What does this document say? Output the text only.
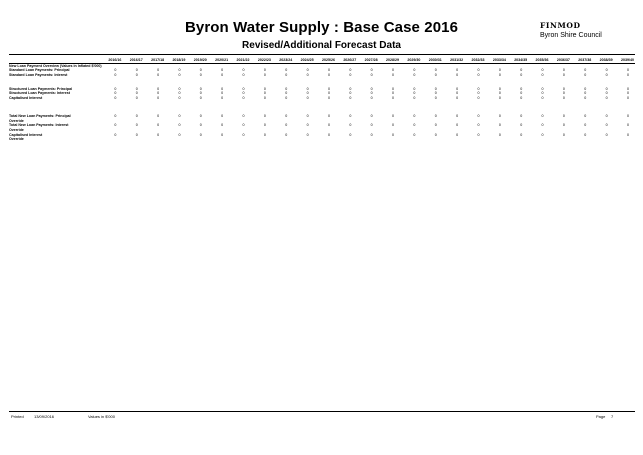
Byron Water Supply : Base Case 2016
Revised/Additional Forecast Data
FINMOD
Byron Shire Council
	2016/16	2016/17	2017/18	2018/19	2019/20	2020/21	2021/22	2022/23	2023/24	2024/25	2025/26	2026/27	2027/28	2028/29	2029/30	2030/31	2031/32	2032/33	2033/34	2034/35	2035/36	2036/37	2037/38	2038/39	2039/40
New Loan Payment Overview (Values in Inflated $'000)																									
Standard Loan Payments: Principal	0	0	0	0	0	0	0	0	0	0	0	0	0	0	0	0	0	0	0	0	0	0	0	0	0
Standard Loan Payments: Interest	0	0	0	0	0	0	0	0	0	0	0	0	0	0	0	0	0	0	0	0	0	0	0	0	0

Structured Loan Payments: Principal	0	0	0	0	0	0	0	0	0	0	0	0	0	0	0	0	0	0	0	0	0	0	0	0	0
Structured Loan Payments: Interest	0	0	0	0	0	0	0	0	0	0	0	0	0	0	0	0	0	0	0	0	0	0	0	0	0
Capitalised Interest	0	0	0	0	0	0	0	0	0	0	0	0	0	0	0	0	0	0	0	0	0	0	0	0	0

Total New Loan Payments: Principal	0	0	0	0	0	0	0	0	0	0	0	0	0	0	0	0	0	0	0	0	0	0	0	0	0
Override																									
Total New Loan Payments: Interest	0	0	0	0	0	0	0	0	0	0	0	0	0	0	0	0	0	0	0	0	0	0	0	0	0
Override																									
Capitalised Interest	0	0	0	0	0	0	0	0	0	0	0	0	0	0	0	0	0	0	0	0	0	0	0	0	0
Override																									
Printed	13/09/2016	Values in $'000	Page 7
